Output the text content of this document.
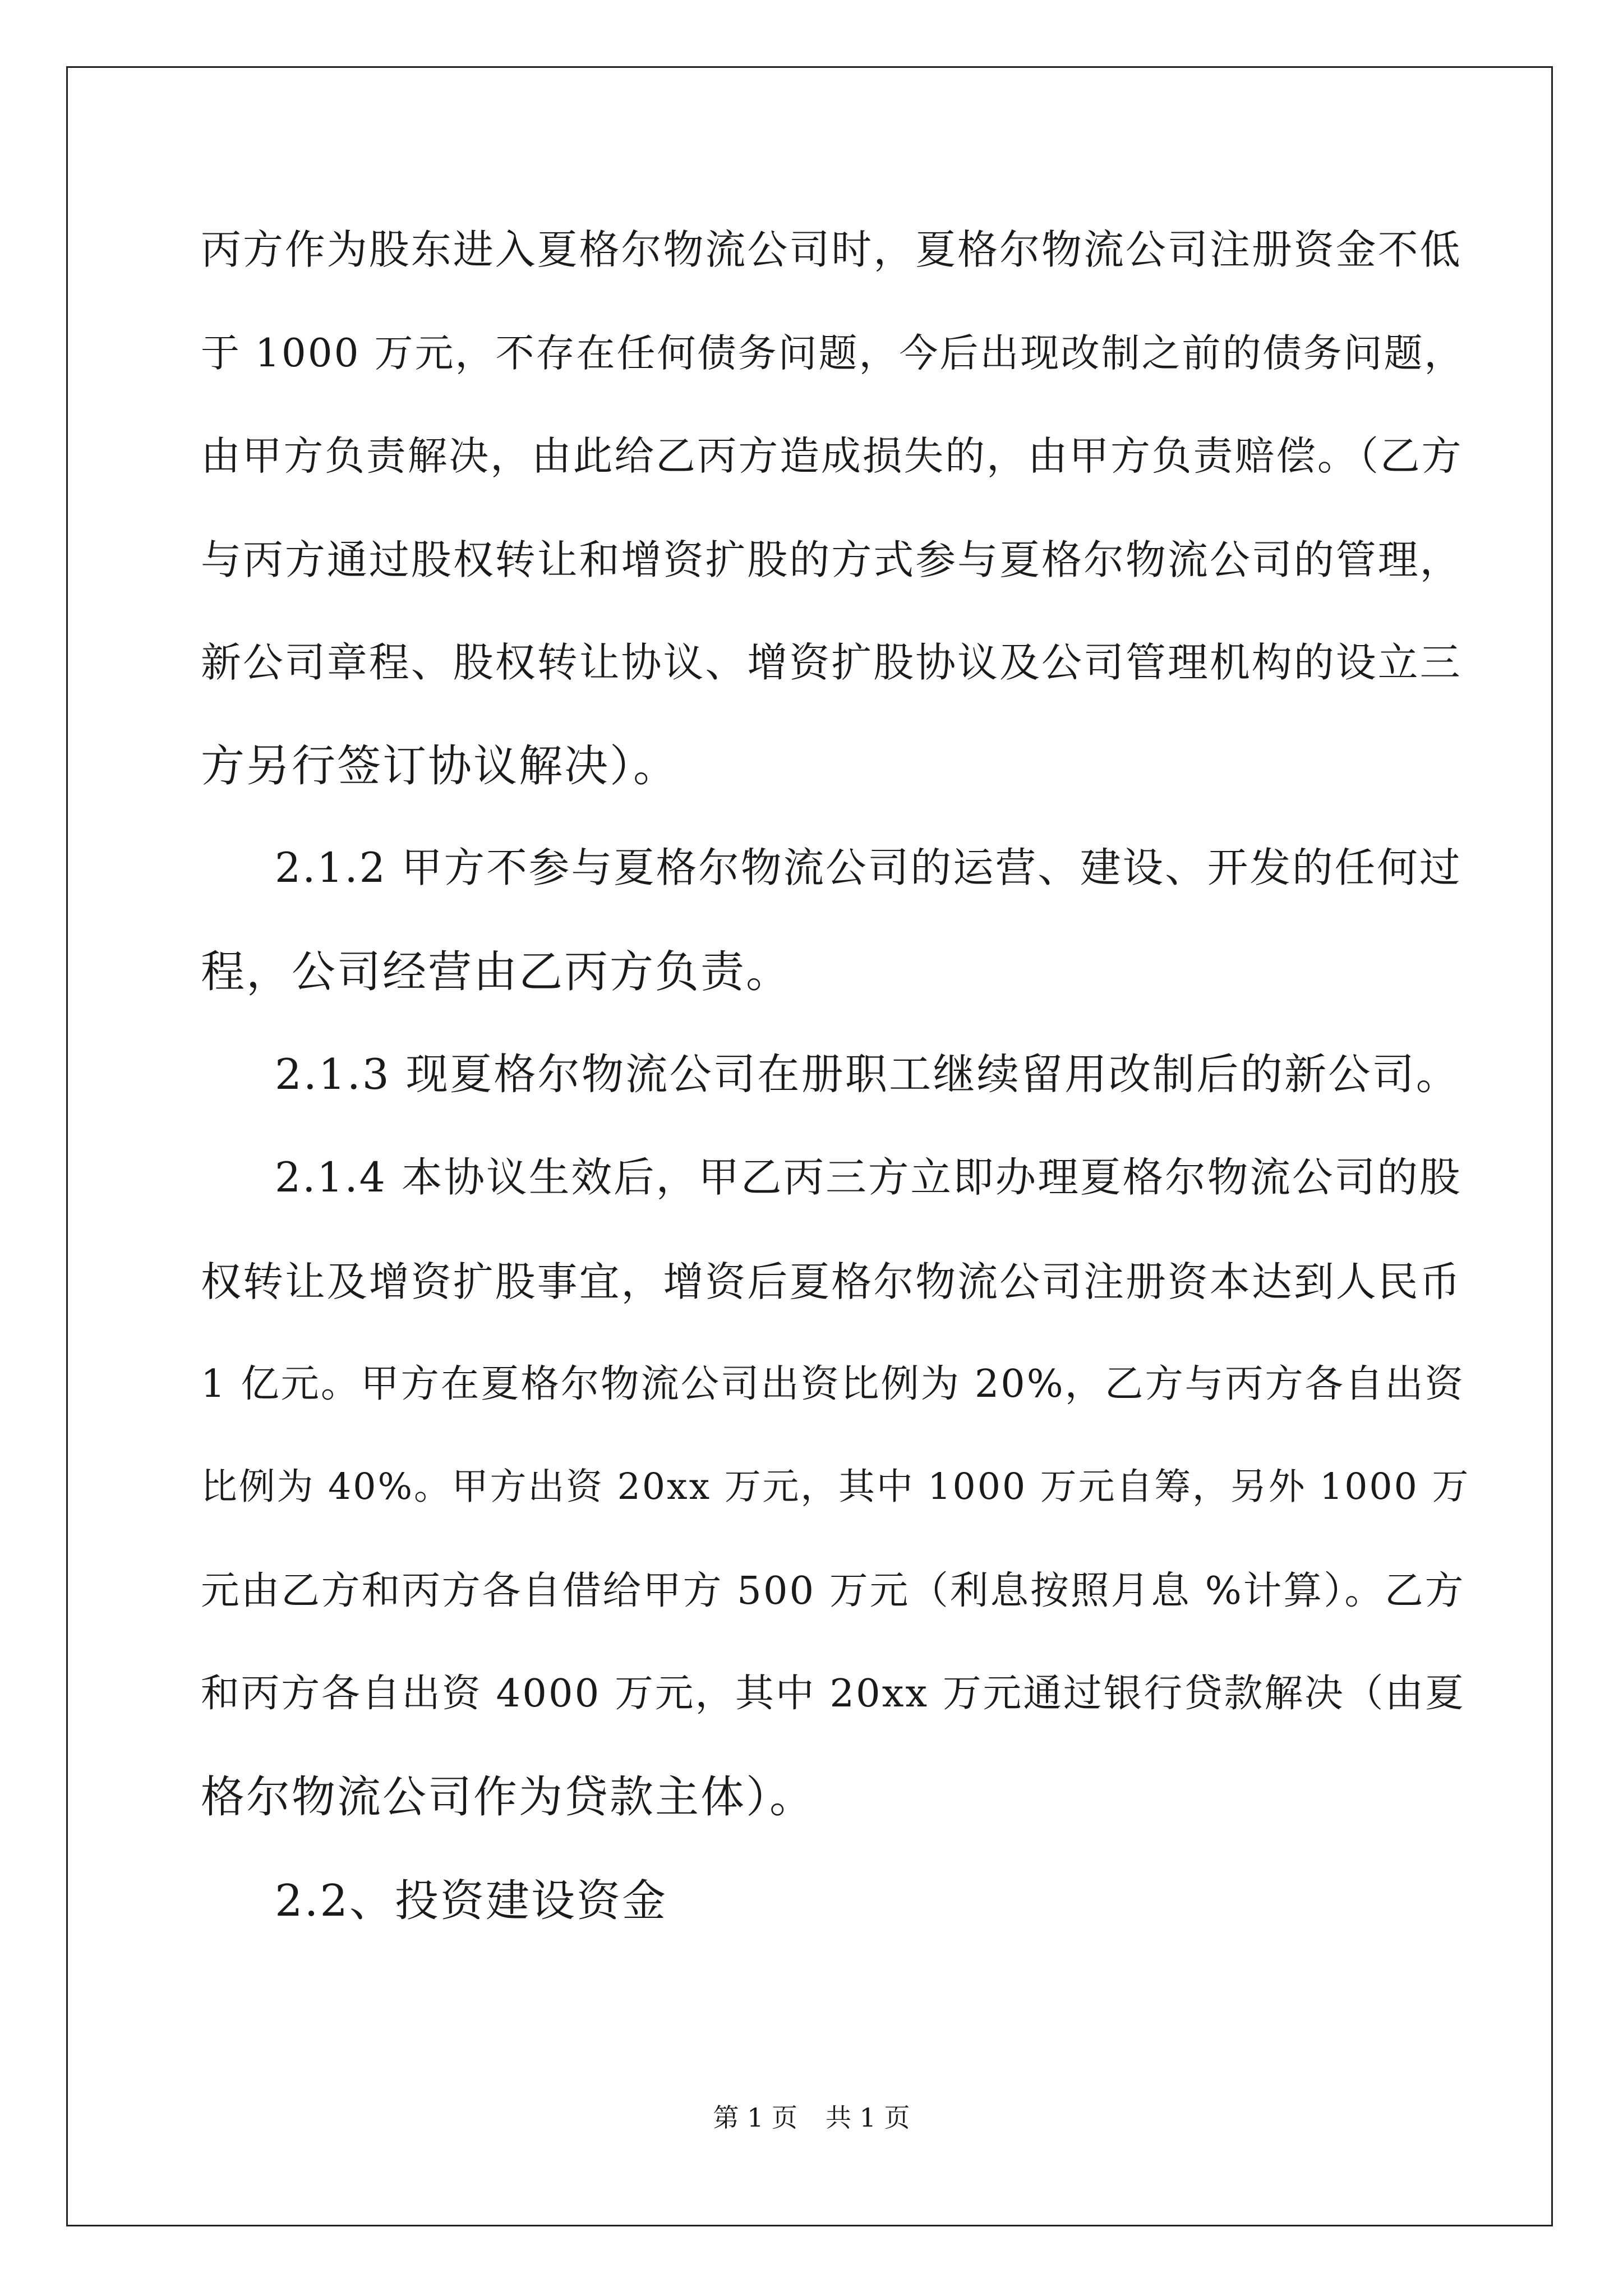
丙方作为股东进入夏格尔物流公司时，夏格尔物流公司注册资金不低

于 1000 万元，不存在任何债务问题，今后出现改制之前的债务问题，

由甲方负责解决，由此给乙丙方造成损失的，由甲方负责赔偿。（乙方

与丙方通过股权转让和增资扩股的方式参与夏格尔物流公司的管理，

新公司章程、股权转让协议、增资扩股协议及公司管理机构的设立三

方另行签订协议解决）。

2.1.2 甲方不参与夏格尔物流公司的运营、建设、开发的任何过

程，公司经营由乙丙方负责。

2.1.3 现夏格尔物流公司在册职工继续留用改制后的新公司。

2.1.4 本协议生效后，甲乙丙三方立即办理夏格尔物流公司的股

权转让及增资扩股事宜，增资后夏格尔物流公司注册资本达到人民币

1 亿元。甲方在夏格尔物流公司出资比例为 20%，乙方与丙方各自出资

比例为 40%。甲方出资 20xx 万元，其中 1000 万元自筹，另外 1000 万

元由乙方和丙方各自借给甲方 500 万元（利息按照月息 %计算）。乙方

和丙方各自出资 4000 万元，其中 20xx 万元通过银行贷款解决（由夏

格尔物流公司作为贷款主体）。

2.2、投资建设资金

第 1 页 共 1 页
